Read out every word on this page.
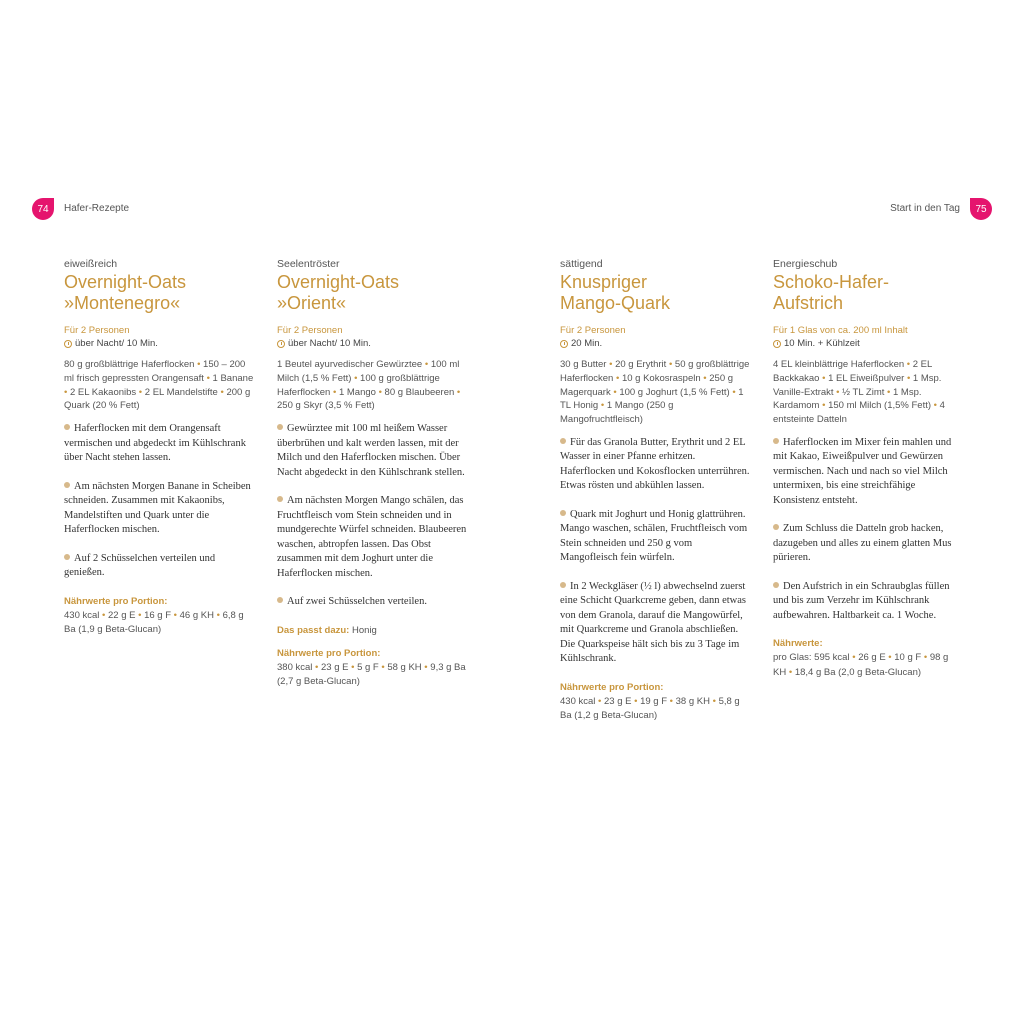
74	Hafer-Rezepte	Start in den Tag	75
eiweißreich
Overnight-Oats
»Montenegro«
Für 2 Personen
über Nacht/ 10 Min.
80 g großblättrige Haferflocken • 150 – 200 ml frisch gepressten Orangensaft • 1 Banane • 2 EL Kakaonibs • 2 EL Mandelstifte • 200 g Quark (20 % Fett)
Haferflocken mit dem Orangensaft vermischen und abgedeckt im Kühlschrank über Nacht stehen lassen.
Am nächsten Morgen Banane in Scheiben schneiden. Zusammen mit Kakaonibs, Mandelstiften und Quark unter die Haferflocken mischen.
Auf 2 Schüsselchen verteilen und genießen.
Nährwerte pro Portion:
430 kcal • 22 g E • 16 g F • 46 g KH • 6,8 g Ba (1,9 g Beta-Glucan)
Seelentröster
Overnight-Oats
»Orient«
Für 2 Personen
über Nacht/ 10 Min.
1 Beutel ayurvedischer Gewürztee • 100 ml Milch (1,5 % Fett) • 100 g großblättrige Haferflocken • 1 Mango • 80 g Blaubeeren • 250 g Skyr (3,5 % Fett)
Gewürztee mit 100 ml heißem Wasser überbrühen und kalt werden lassen, mit der Milch und den Haferflocken mischen. Über Nacht abgedeckt in den Kühlschrank stellen.
Am nächsten Morgen Mango schälen, das Fruchtfleisch vom Stein schneiden und in mundgerechte Würfel schneiden. Blaubeeren waschen, abtropfen lassen. Das Obst zusammen mit dem Joghurt unter die Haferflocken mischen.
Auf zwei Schüsselchen verteilen.
Das passt dazu: Honig
Nährwerte pro Portion:
380 kcal • 23 g E • 5 g F • 58 g KH • 9,3 g Ba (2,7 g Beta-Glucan)
sättigend
Knuspriger
Mango-Quark
Für 2 Personen
20 Min.
30 g Butter • 20 g Erythrit • 50 g großblättrige Haferflocken • 10 g Kokosraspeln • 250 g Magerquark • 100 g Joghurt (1,5 % Fett) • 1 TL Honig • 1 Mango (250 g Mangofruchtfleisch)
Für das Granola Butter, Erythrit und 2 EL Wasser in einer Pfanne erhitzen. Haferflocken und Kokosflocken unterrühren. Etwas rösten und abkühlen lassen.
Quark mit Joghurt und Honig glattrühren. Mango waschen, schälen, Fruchtfleisch vom Stein schneiden und 250 g vom Mangofleisch fein würfeln.
In 2 Weckgläser (½ l) abwechselnd zuerst eine Schicht Quarkcreme geben, dann etwas von dem Granola, darauf die Mangowürfel, mit Quarkcreme und Granola abschließen. Die Quarkspeise hält sich bis zu 3 Tage im Kühlschrank.
Nährwerte pro Portion:
430 kcal • 23 g E • 19 g F • 38 g KH • 5,8 g Ba (1,2 g Beta-Glucan)
Energieschub
Schoko-Hafer-
Aufstrich
Für 1 Glas von ca. 200 ml Inhalt
10 Min. + Kühlzeit
4 EL kleinblättrige Haferflocken • 2 EL Backkakao • 1 EL Eiweißpulver • 1 Msp. Vanille-Extrakt • ½ TL Zimt • 1 Msp. Kardamom • 150 ml Milch (1,5% Fett) • 4 entsteinte Datteln
Haferflocken im Mixer fein mahlen und mit Kakao, Eiweißpulver und Gewürzen vermischen. Nach und nach so viel Milch untermixen, bis eine streichfähige Konsistenz entsteht.
Zum Schluss die Datteln grob hacken, dazugeben und alles zu einem glatten Mus pürieren.
Den Aufstrich in ein Schraubglas füllen und bis zum Verzehr im Kühlschrank aufbewahren. Haltbarkeit ca. 1 Woche.
Nährwerte:
pro Glas: 595 kcal • 26 g E • 10 g F • 98 g KH • 18,4 g Ba (2,0 g Beta-Glucan)
